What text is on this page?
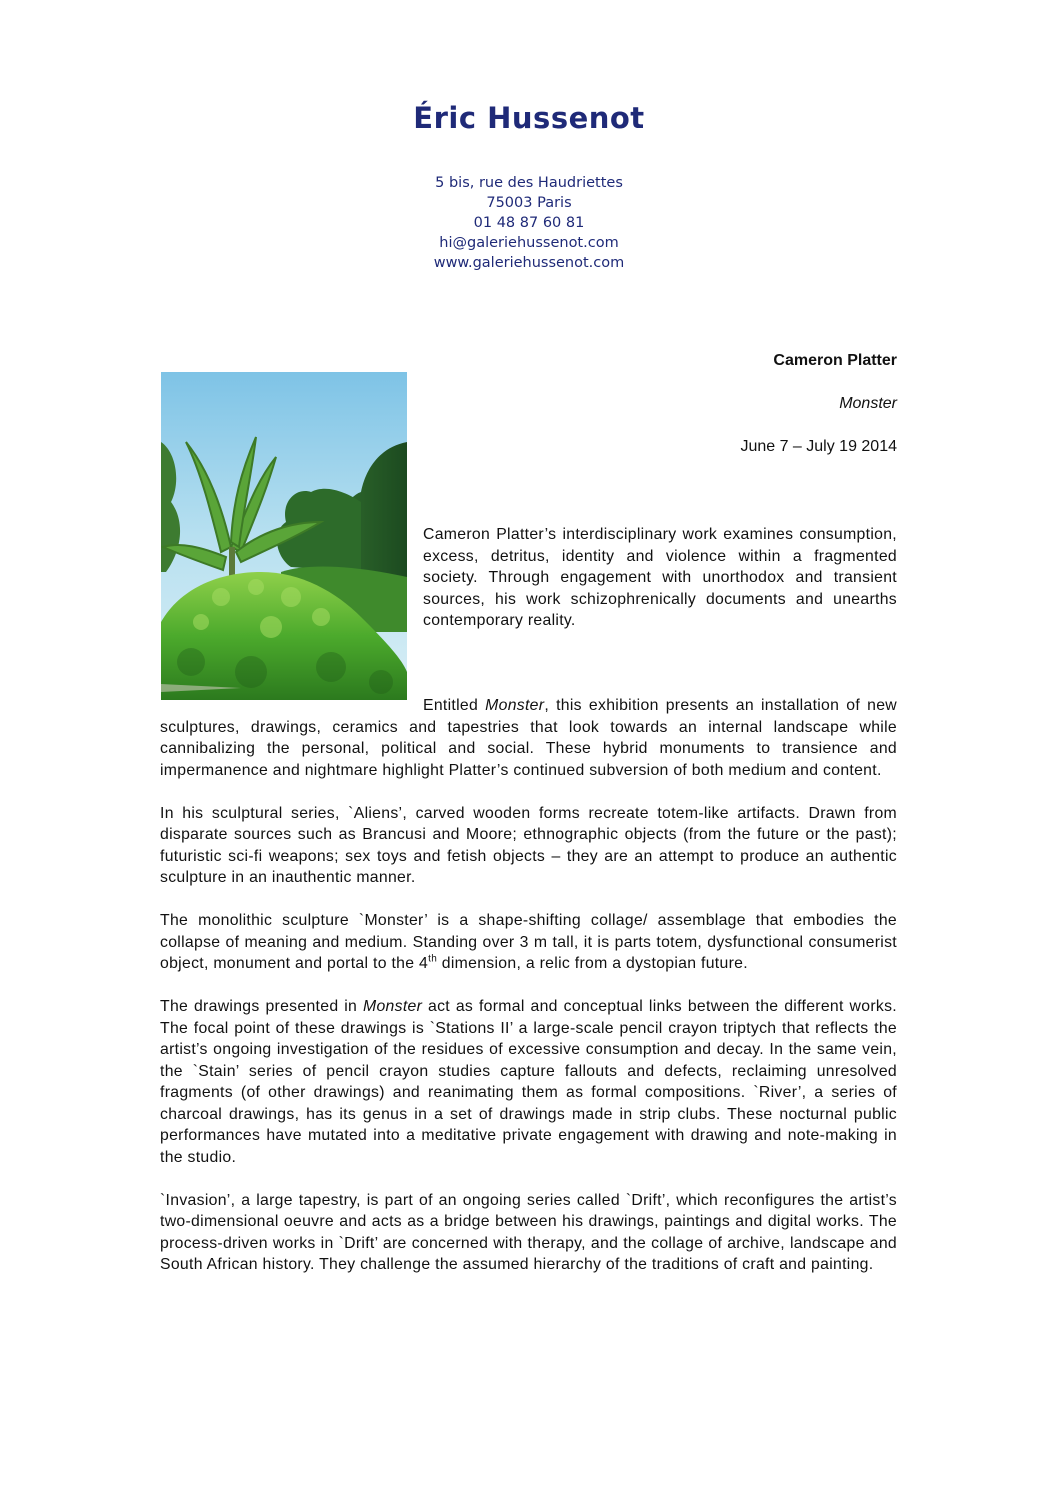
Éric Hussenot
5 bis, rue des Haudriettes
75003 Paris
01 48 87 60 81
hi@galeriehussenot.com
www.galeriehussenot.com
Cameron Platter
Monster
June 7 – July 19 2014
Cameron Platter’s interdisciplinary work examines consumption, excess, detritus, identity and violence within a fragmented society. Through engagement with unorthodox and transient sources, his work schizophrenically documents and unearths contemporary reality.

Entitled Monster, this exhibition presents an installation of new sculptures, drawings, ceramics and tapestries that look towards an internal landscape while cannibalizing the personal, political and social. These hybrid monuments to transience and impermanence and nightmare highlight Platter’s continued subversion of both medium and content.

In his sculptural series, `Aliens’, carved wooden forms recreate totem-like artifacts. Drawn from disparate sources such as Brancusi and Moore; ethnographic objects (from the future or the past); futuristic sci-fi weapons; sex toys and fetish objects – they are an attempt to produce an authentic sculpture in an inauthentic manner.

The monolithic sculpture `Monster’ is a shape-shifting collage/ assemblage that embodies the collapse of meaning and medium. Standing over 3 m tall, it is parts totem, dysfunctional consumerist object, monument and portal to the 4th dimension, a relic from a dystopian future.

The drawings presented in Monster act as formal and conceptual links between the different works. The focal point of these drawings is `Stations II’ a large-scale pencil crayon triptych that reflects the artist’s ongoing investigation of the residues of excessive consumption and decay. In the same vein, the `Stain’ series of pencil crayon studies capture fallouts and defects, reclaiming unresolved fragments (of other drawings) and reanimating them as formal compositions. `River’, a series of charcoal drawings, has its genus in a set of drawings made in strip clubs. These nocturnal public performances have mutated into a meditative private engagement with drawing and note-making in the studio.

`Invasion’, a large tapestry, is part of an ongoing series called `Drift’, which reconfigures the artist’s two-dimensional oeuvre and acts as a bridge between his drawings, paintings and digital works. The process-driven works in `Drift’ are concerned with therapy, and the collage of archive, landscape and South African history. They challenge the assumed hierarchy of the traditions of craft and painting.
